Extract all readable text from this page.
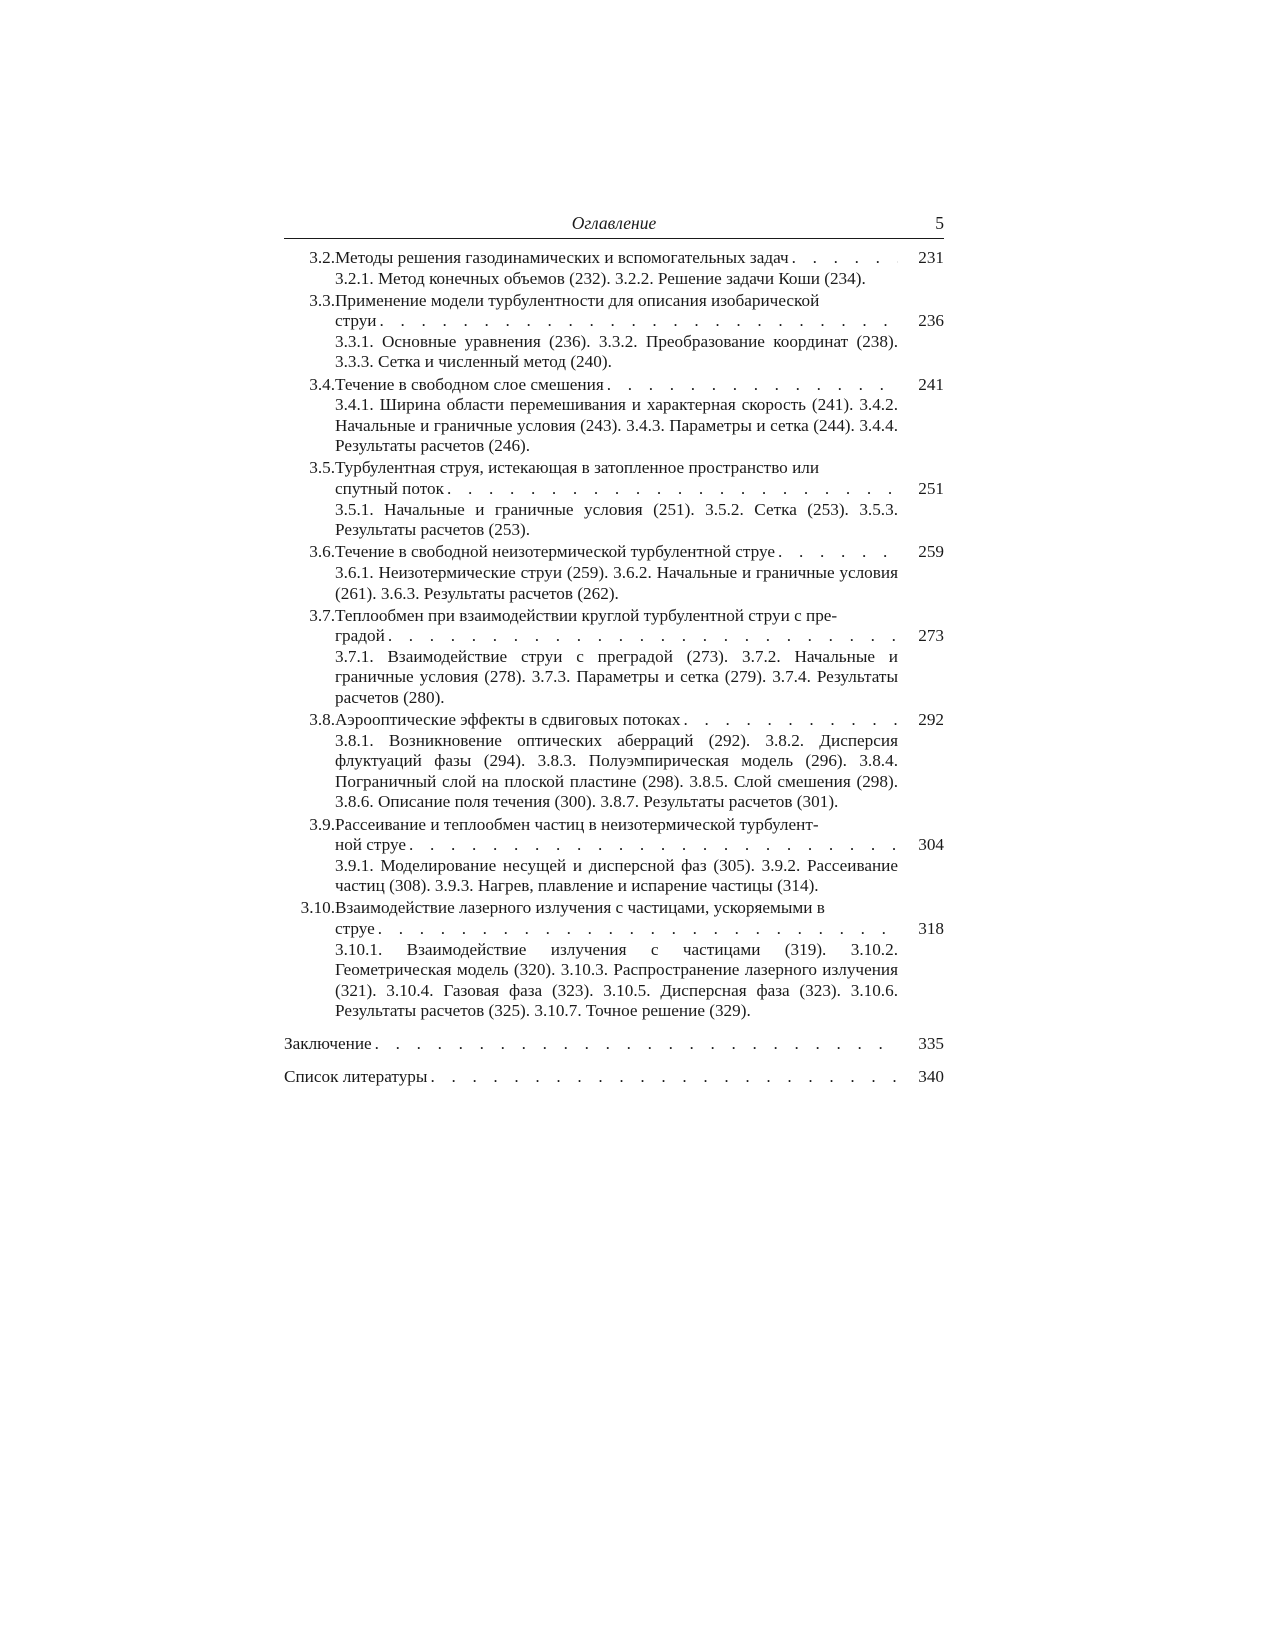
Оглавление	5
3.2. Методы решения газодинамических и вспомогательных задач . . .	231
3.2.1. Метод конечных объемов (232). 3.2.2. Решение задачи Коши (234).
3.3. Применение модели турбулентности для описания изобарической
струи . . .	236
3.3.1. Основные уравнения (236). 3.3.2. Преобразование координат (238). 3.3.3. Сетка и численный метод (240).
3.4. Течение в свободном слое смешения . . .	241
3.4.1. Ширина области перемешивания и характерная скорость (241). 3.4.2. Начальные и граничные условия (243). 3.4.3. Параметры и сетка (244). 3.4.4. Результаты расчетов (246).
3.5. Турбулентная струя, истекающая в затопленное пространство или
спутный поток . . .	251
3.5.1. Начальные и граничные условия (251). 3.5.2. Сетка (253). 3.5.3. Результаты расчетов (253).
3.6. Течение в свободной неизотермической турбулентной струе . . .	259
3.6.1. Неизотермические струи (259). 3.6.2. Начальные и граничные условия (261). 3.6.3. Результаты расчетов (262).
3.7. Теплообмен при взаимодействии круглой турбулентной струи с пре-
градой . . .	273
3.7.1. Взаимодействие струи с преградой (273). 3.7.2. Начальные и граничные условия (278). 3.7.3. Параметры и сетка (279). 3.7.4. Результаты расчетов (280).
3.8. Аэрооптические эффекты в сдвиговых потоках . . .	292
3.8.1. Возникновение оптических аберраций (292). 3.8.2. Дисперсия флуктуаций фазы (294). 3.8.3. Полуэмпирическая модель (296). 3.8.4. Пограничный слой на плоской пластине (298). 3.8.5. Слой смешения (298). 3.8.6. Описание поля течения (300). 3.8.7. Результаты расчетов (301).
3.9. Рассеивание и теплообмен частиц в неизотермической турбулент-
ной струе . . .	304
3.9.1. Моделирование несущей и дисперсной фаз (305). 3.9.2. Рассеивание частиц (308). 3.9.3. Нагрев, плавление и испарение частицы (314).
3.10. Взаимодействие лазерного излучения с частицами, ускоряемыми в
струе . . .	318
3.10.1. Взаимодействие излучения с частицами (319). 3.10.2. Геометрическая модель (320). 3.10.3. Распространение лазерного излучения (321). 3.10.4. Газовая фаза (323). 3.10.5. Дисперсная фаза (323). 3.10.6. Результаты расчетов (325). 3.10.7. Точное решение (329).
Заключение . . .	335
Список литературы . . .	340
